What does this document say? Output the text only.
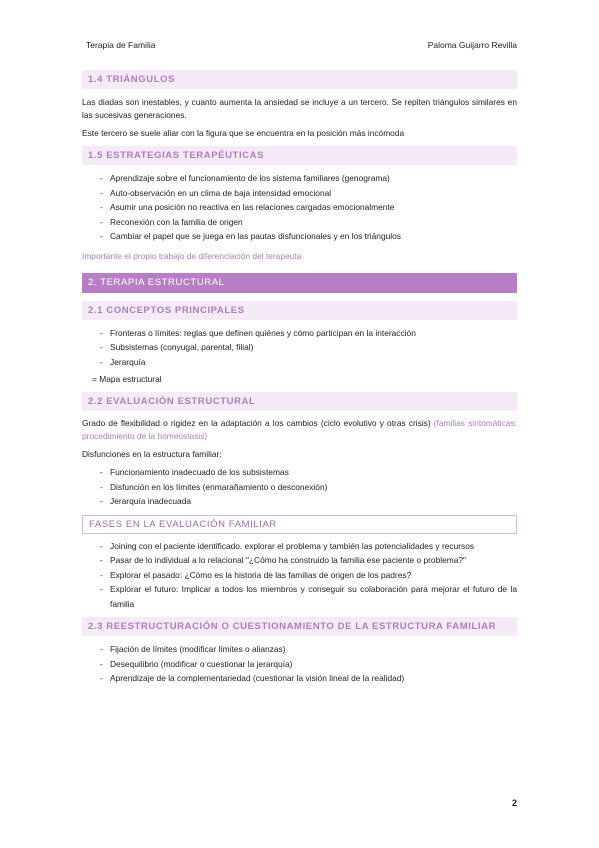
Terapia de Familia	Paloma Guijarro Revilla
1.4 TRIÁNGULOS

Las diadas son inestables, y cuanto aumenta la ansiedad se incluye a un tercero. Se repiten triángulos similares en las sucesivas generaciones.

Este tercero se suele aliar con la figura que se encuentra en la posición más incómoda

1.5 ESTRATEGIAS TERAPÉUTICAS
- Aprendizaje sobre el funcionamiento de los sistema familiares (genograma)
- Auto-observación en un clima de baja intensidad emocional
- Asumir una posición no reactiva en las relaciones cargadas emocionalmente
- Reconexión con la familia de origen
- Cambiar el papel que se juega en las pautas disfuncionales y en los triángulos

Importante el propio trabajo de diferenciación del terapeuta

2. TERAPIA ESTRUCTURAL
2.1 CONCEPTOS PRINCIPALES
- Fronteras o límites: reglas que definen quiénes y cómo participan en la interacción
- Subsistemas (conyugal, parental, filial)
- Jerarquía

= Mapa estructural

2.2 EVALUACIÓN ESTRUCTURAL

Grado de flexibilidad o rigidez en la adaptación a los cambios (ciclo evolutivo y otras crisis) (familias sintomáticas: procedimiento de la homeostasis)

Disfunciones en la estructura familiar:

- Funcionamiento inadecuado de los subsistemas
- Disfunción en los límites (enmarañamiento o desconexión)
- Jerarquía inadecuada
FASES EN LA EVALUACIÓN FAMILIAR
- Joining con el paciente identificado. explorar el problema y también las potencialidades y recursos
- Pasar de lo individual a lo relacional "¿Cómo ha construido la familia ese paciente o problema?"
- Explorar el pasado: ¿Cómo es la historia de las familias de origen de los padres?
- Explorar el futuro: Implicar a todos los miembros y conseguir su colaboración para mejorar el futuro de la familia
2.3 REESTRUCTURACIÓN O CUESTIONAMIENTO DE LA ESTRUCTURA FAMILIAR
- Fijación de límites (modificar límites o alianzas)
- Desequilibrio (modificar o cuestionar la jerarquía)
- Aprendizaje de la complementariedad (cuestionar la visión lineal de la realidad)
2
